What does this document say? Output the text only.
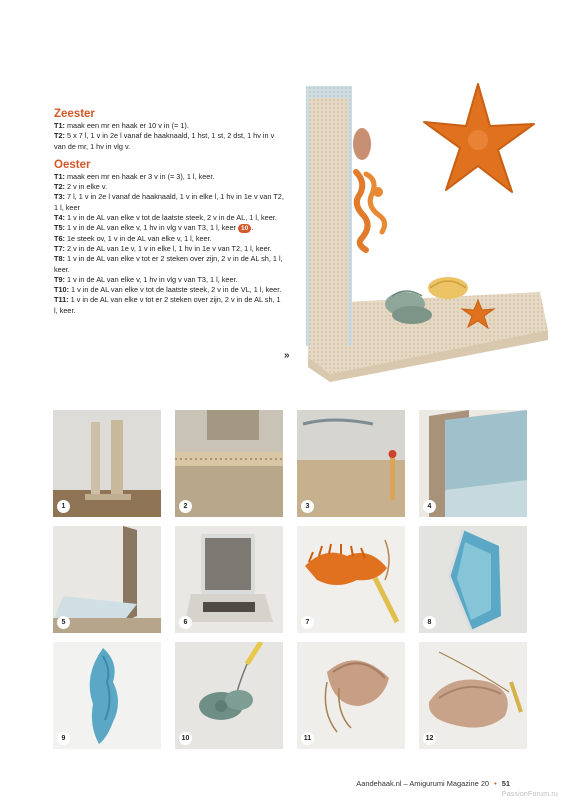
Zeester

T1: maak een mr en haak er 10 v in (= 1).

T2: 5 x 7 l, 1 v in 2e l vanaf de haaknaald, 1 hst, 1 st, 2 dst, 1 hv in v van de mr, 1 hv in vlg v.

Oester

T1: maak een mr en haak er 3 v in (= 3), 1 l, keer.

T2: 2 v in elke v.

T3: 7 l, 1 v in 2e l vanaf de haaknaald, 1 v in elke l, 1 hv in 1e v van T2, 1 l, keer

T4: 1 v in de AL van elke v tot de laatste steek, 2 v in de AL, 1 l, keer.

T5: 1 v in de AL van elke v, 1 hv in vlg v van T3, 1 l, keer 10 .

T6: 1e steek ov, 1 v in de AL van elke v, 1 l, keer.

T7: 2 v in de AL van 1e v, 1 v in elke l, 1 hv in 1e v van T2, 1 l, keer.

T8: 1 v in de AL van elke v tot er 2 steken over zijn, 2 v in de AL sh, 1 l, keer.

T9: 1 v in de AL van elke v, 1 hv in vlg v van T3, 1 l, keer.

T10: 1 v in de AL van elke v tot de laatste steek, 2 v in de VL, 1 l, keer.

T11: 1 v in de AL van elke v tot er 2 steken over zijn, 2 v in de AL sh, 1 l, keer.

»
1	2	3	4
5	6	7	8
9	10	11	12
Aandehaak.nl – Amigurumi Magazine 20 • 51
PassionForum.ru
